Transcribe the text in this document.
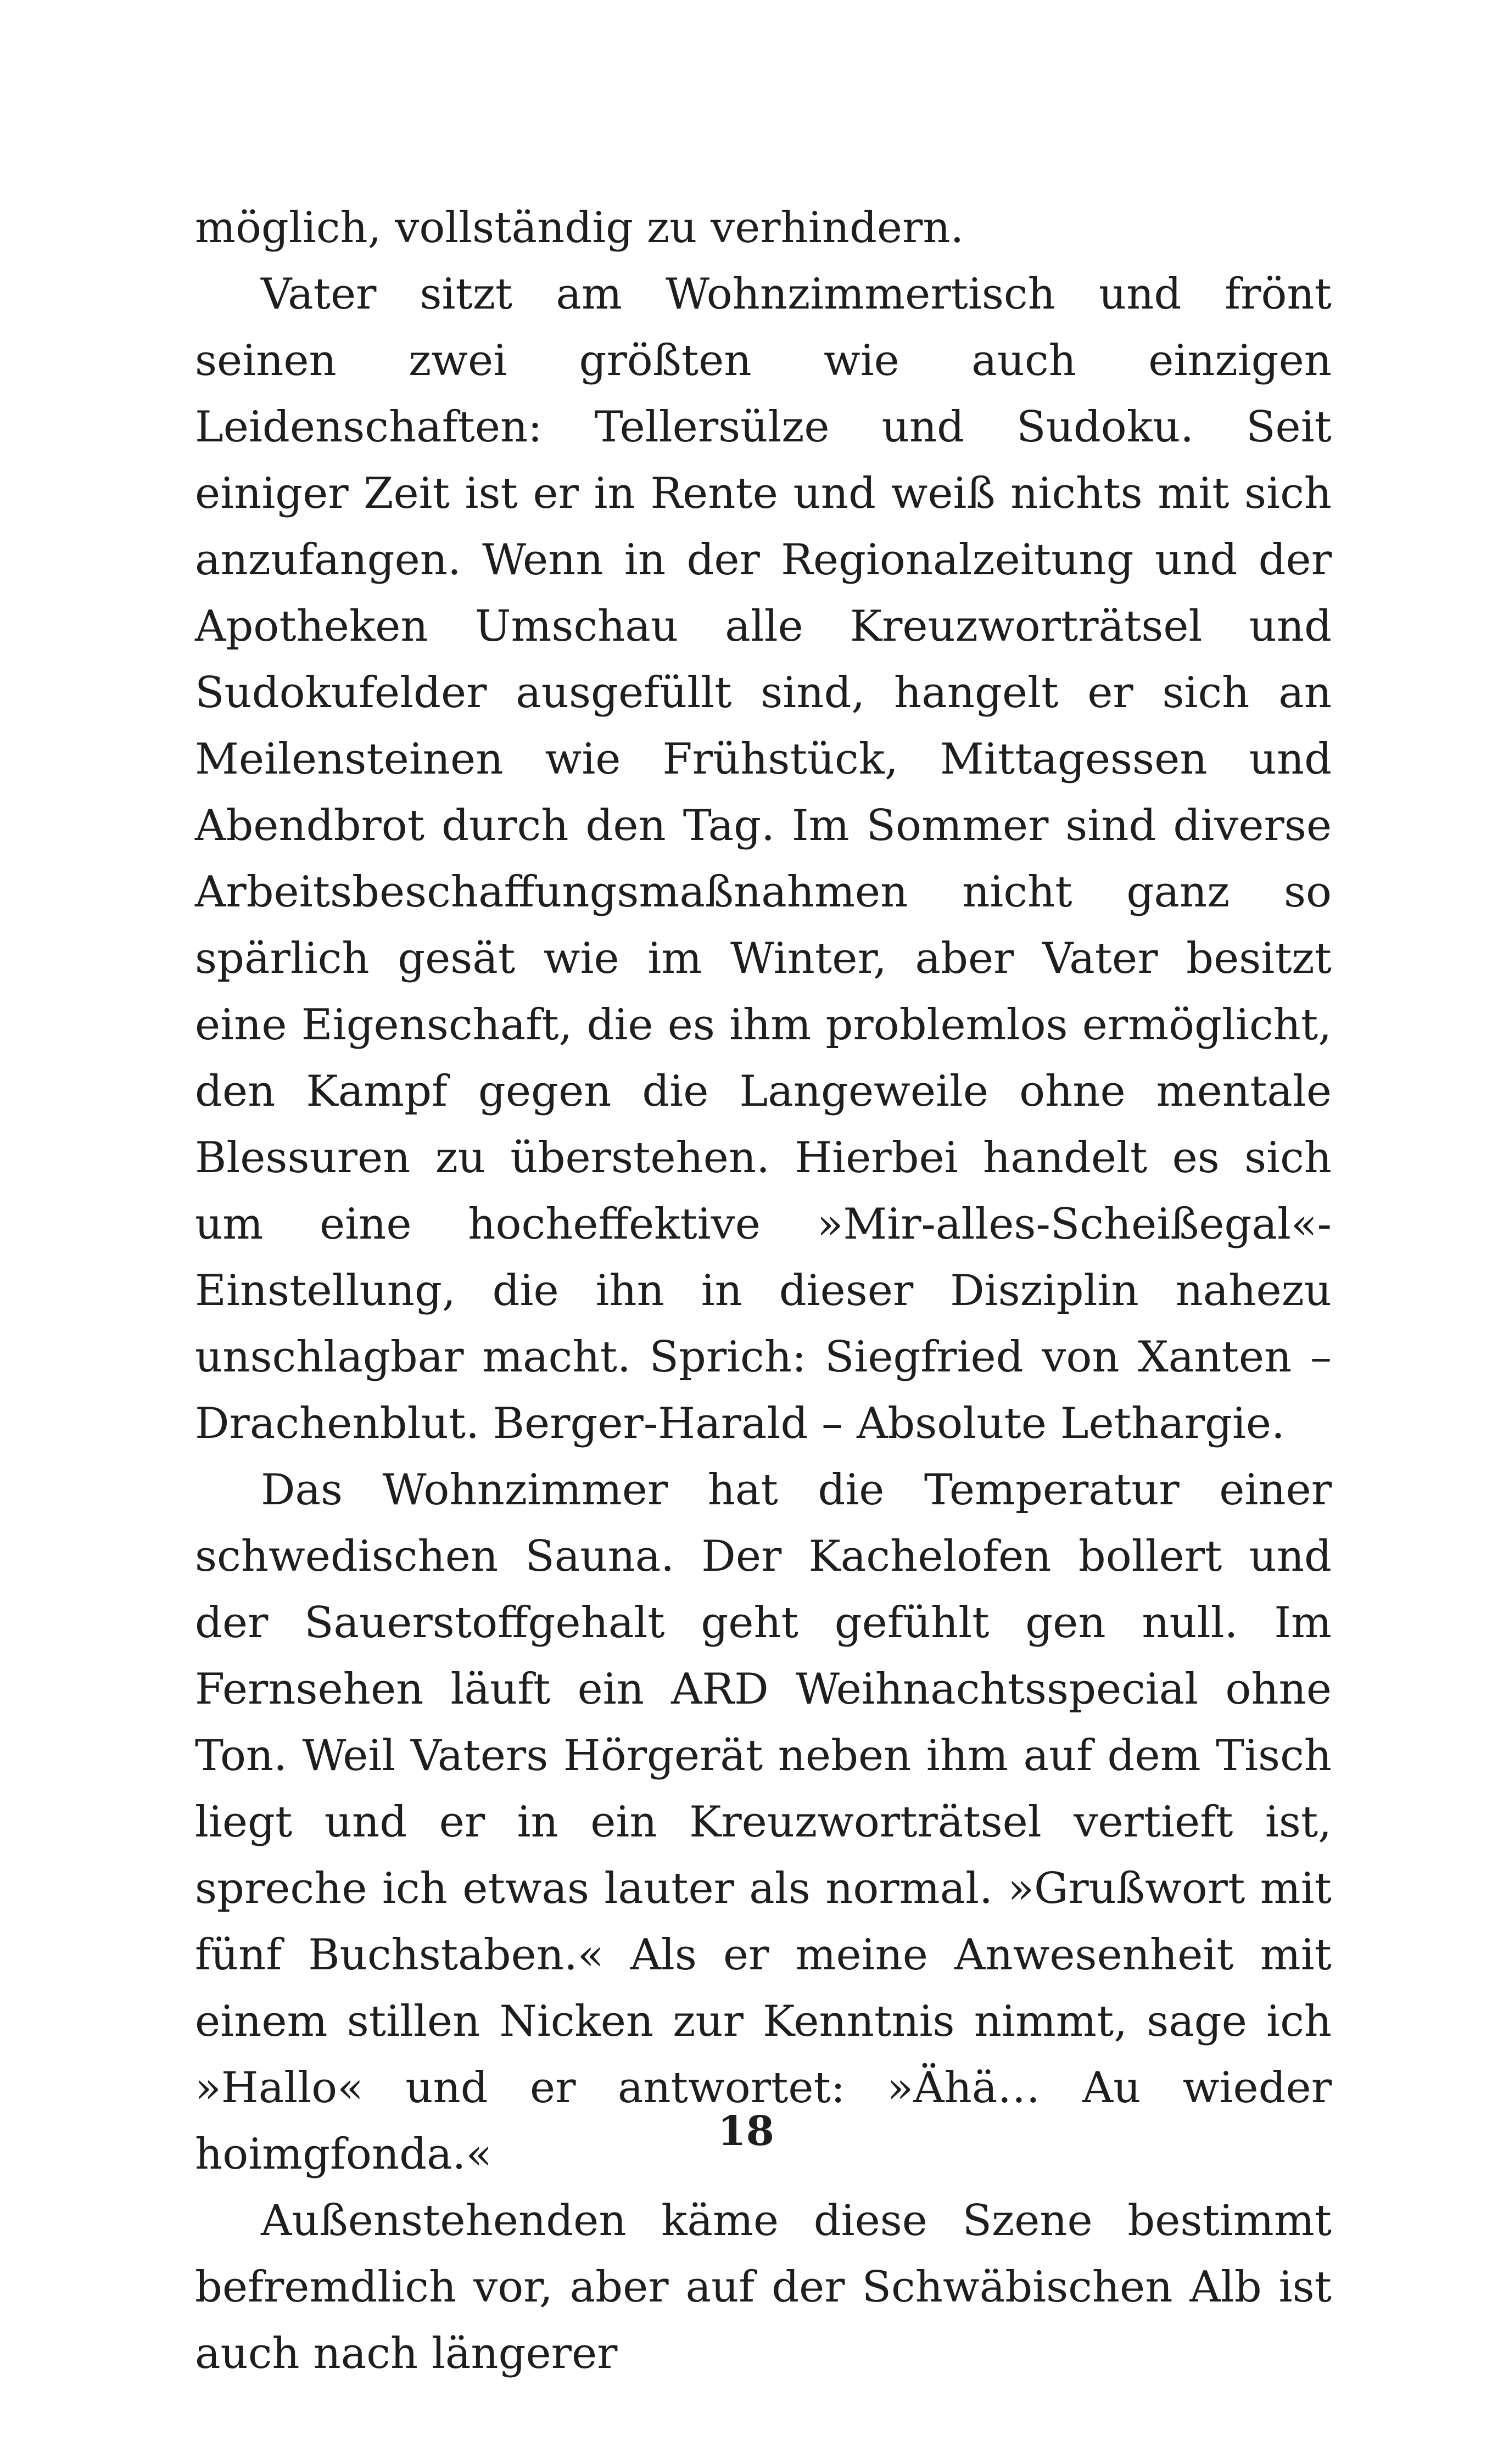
möglich, vollständig zu verhindern.

Vater sitzt am Wohnzimmertisch und frönt seinen zwei größten wie auch einzigen Leidenschaften: Tellersülze und Sudoku. Seit einiger Zeit ist er in Rente und weiß nichts mit sich anzufangen. Wenn in der Regionalzeitung und der Apotheken Umschau alle Kreuzworträtsel und Sudokufelder ausgefüllt sind, hangelt er sich an Meilensteinen wie Frühstück, Mittagessen und Abendbrot durch den Tag. Im Sommer sind diverse Arbeitsbeschaffungsmaßnahmen nicht ganz so spärlich gesät wie im Winter, aber Vater besitzt eine Eigenschaft, die es ihm problemlos ermöglicht, den Kampf gegen die Langeweile ohne mentale Blessuren zu überstehen. Hierbei handelt es sich um eine hocheffektive »Mir-alles-Scheißegal«-Einstellung, die ihn in dieser Disziplin nahezu unschlagbar macht. Sprich: Siegfried von Xanten – Drachenblut. Berger-Harald – Absolute Lethargie.

Das Wohnzimmer hat die Temperatur einer schwedischen Sauna. Der Kachelofen bollert und der Sauerstoffgehalt geht gefühlt gen null. Im Fernsehen läuft ein ARD Weihnachtsspecial ohne Ton. Weil Vaters Hörgerät neben ihm auf dem Tisch liegt und er in ein Kreuzworträtsel vertieft ist, spreche ich etwas lauter als normal. »Grußwort mit fünf Buchstaben.« Als er meine Anwesenheit mit einem stillen Nicken zur Kenntnis nimmt, sage ich »Hallo« und er antwortet: »Ähä… Au wieder hoimgfonda.«

Außenstehenden käme diese Szene bestimmt befremdlich vor, aber auf der Schwäbischen Alb ist auch nach längerer

18
